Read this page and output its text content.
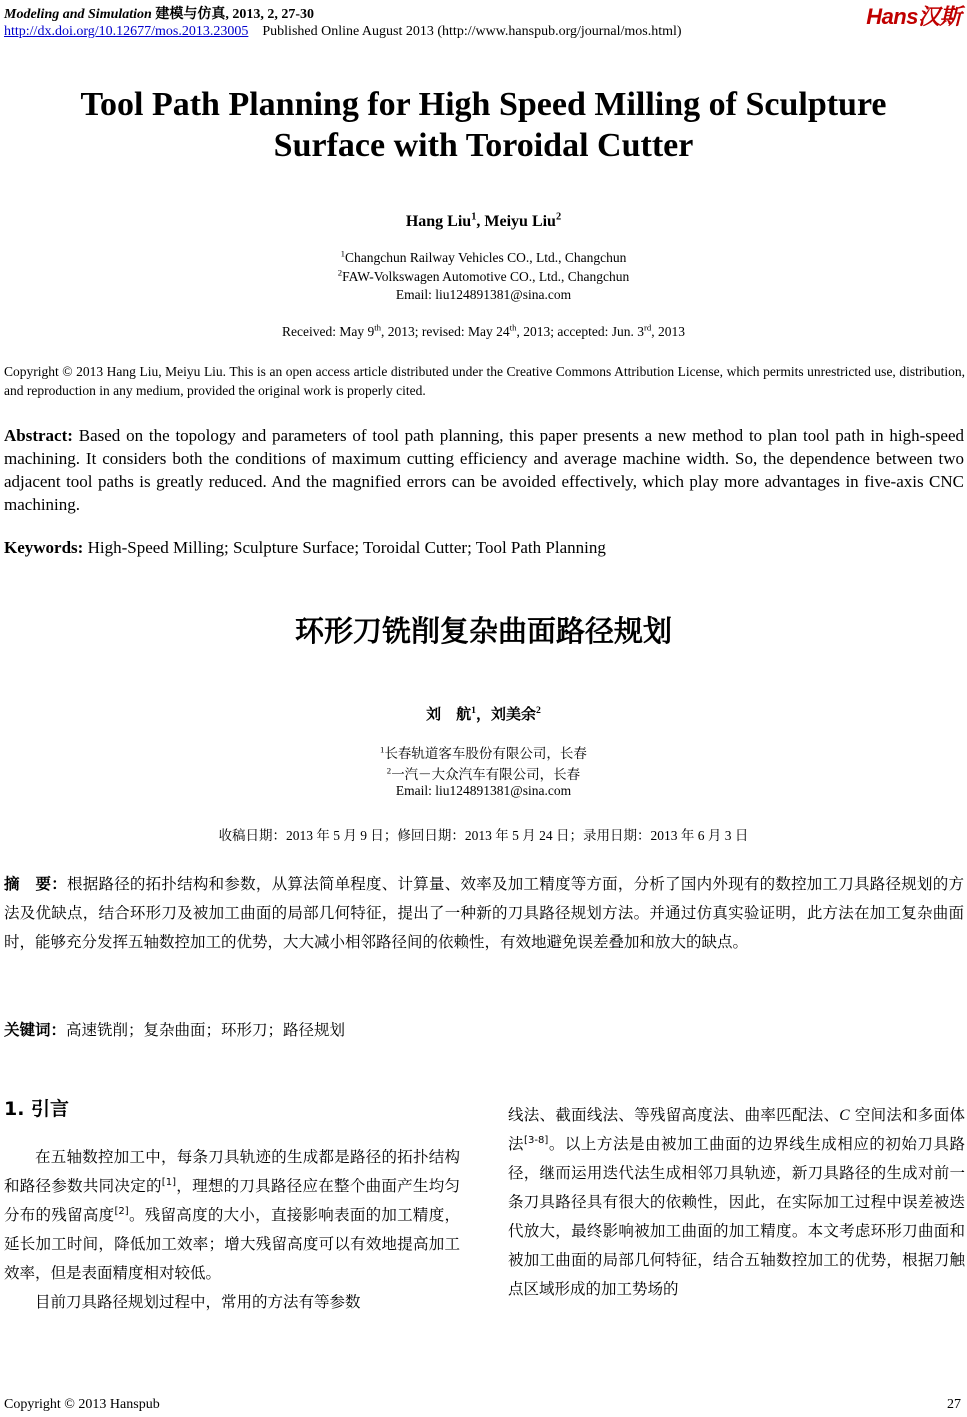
Modeling and Simulation 建模与仿真, 2013, 2, 27-30
http://dx.doi.org/10.12677/mos.2013.23005 Published Online August 2013 (http://www.hanspub.org/journal/mos.html)
Hans汉斯
Tool Path Planning for High Speed Milling of Sculpture
Surface with Toroidal Cutter
Hang Liu$^1$, Meiyu Liu$^2$
$^1$Changchun Railway Vehicles CO., Ltd., Changchun
$^2$FAW-Volkswagen Automotive CO., Ltd., Changchun
Email: liu124891381@sina.com
Received: May 9th, 2013; revised: May 24th, 2013; accepted: Jun. 3rd, 2013
Copyright © 2013 Hang Liu, Meiyu Liu. This is an open access article distributed under the Creative Commons Attribution License, which permits unrestricted use, distribution, and reproduction in any medium, provided the original work is properly cited.
Abstract: Based on the topology and parameters of tool path planning, this paper presents a new method to plan tool path in high-speed machining. It considers both the conditions of maximum cutting efficiency and average machine width. So, the dependence between two adjacent tool paths is greatly reduced. And the magnified errors can be avoided effectively, which play more advantages in five-axis CNC machining.
Keywords: High-Speed Milling; Sculpture Surface; Toroidal Cutter; Tool Path Planning
环形刀铣削复杂曲面路径规划
刘　航$^1$，刘美余$^2$
$^1$长春轨道客车股份有限公司，长春
$^2$一汽－大众汽车有限公司，长春
Email: liu124891381@sina.com
收稿日期：2013 年 5 月 9 日；修回日期：2013 年 5 月 24 日；录用日期：2013 年 6 月 3 日
摘　要：根据路径的拓扑结构和参数，从算法简单程度、计算量、效率及加工精度等方面，分析了国内外现有的数控加工刀具路径规划的方法及优缺点，结合环形刀及被加工曲面的局部几何特征，提出了一种新的刀具路径规划方法。并通过仿真实验证明，此方法在加工复杂曲面时，能够充分发挥五轴数控加工的优势，大大减小相邻路径间的依赖性，有效地避免误差叠加和放大的缺点。
关键词：高速铣削；复杂曲面；环形刀；路径规划
1. 引言

在五轴数控加工中，每条刀具轨迹的生成都是路径的拓扑结构和路径参数共同决定的[1]，理想的刀具路径应在整个曲面产生均匀分布的残留高度[2]。残留高度的大小，直接影响表面的加工精度，延长加工时间，降低加工效率；增大残留高度可以有效地提高加工效率，但是表面精度相对较低。

目前刀具路径规划过程中，常用的方法有等参数

线法、截面线法、等残留高度法、曲率匹配法、C 空间法和多面体法[3-8]。以上方法是由被加工曲面的边界线生成相应的初始刀具路径，继而运用迭代法生成相邻刀具轨迹，新刀具路径的生成对前一条刀具路径具有很大的依赖性，因此，在实际加工过程中误差被迭代放大，最终影响被加工曲面的加工精度。本文考虑环形刀曲面和被加工曲面的局部几何特征，结合五轴数控加工的优势，根据刀触点区域形成的加工势场的

Copyright © 2013 Hanspub	27
